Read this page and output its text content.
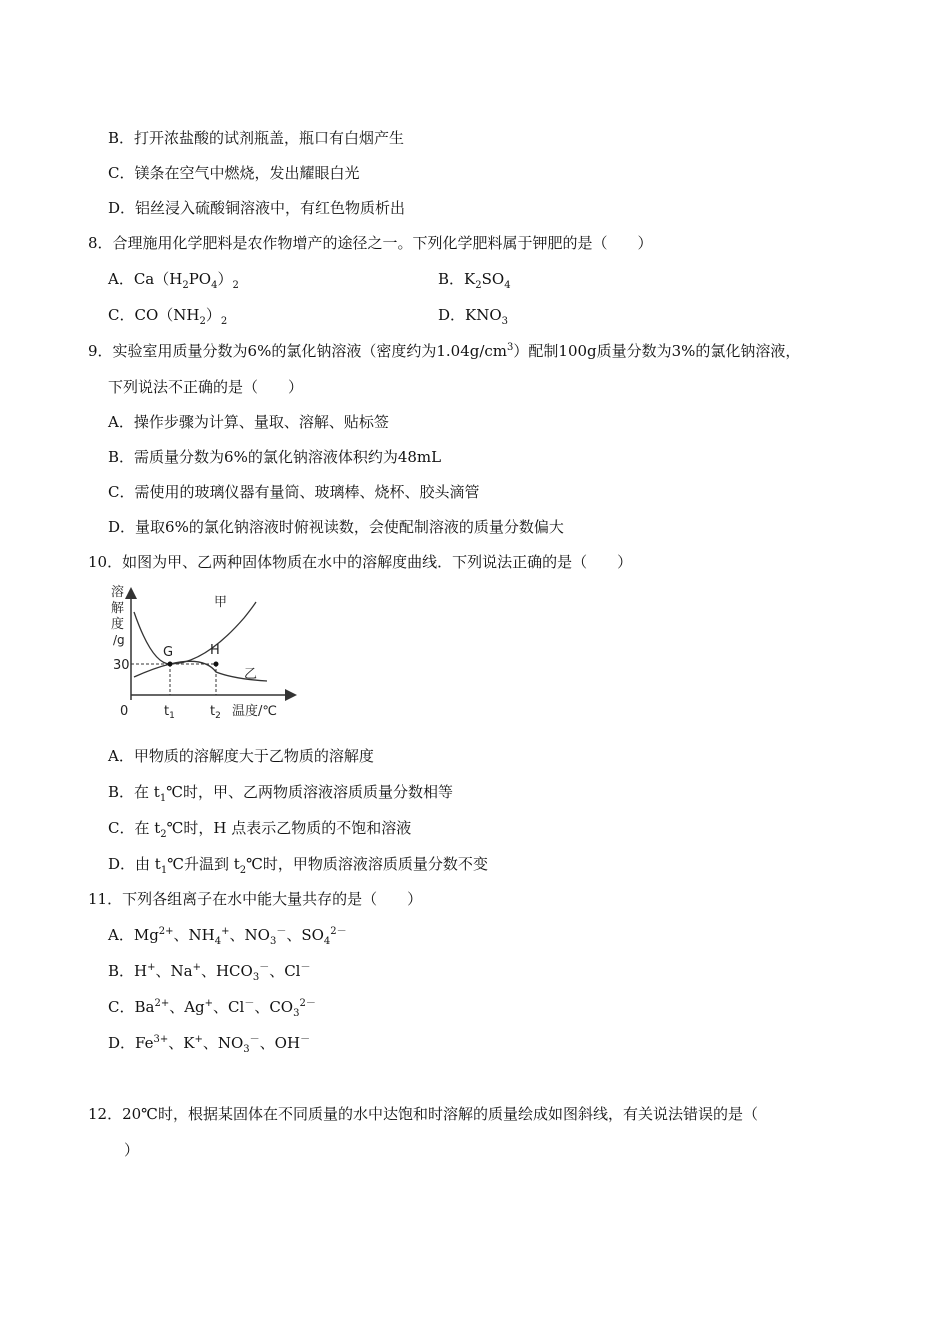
B．打开浓盐酸的试剂瓶盖，瓶口有白烟产生
C．镁条在空气中燃烧，发出耀眼白光
D．铝丝浸入硫酸铜溶液中，有红色物质析出
8．合理施用化学肥料是农作物增产的途径之一。下列化学肥料属于钾肥的是（　　）
A．$Ca(H_2PO_4)_2$	B．$K_2SO_4$
C．$CO(NH_2)_2$	D．$KNO_3$
9．实验室用质量分数为6%的氯化钠溶液（密度约为$1.04g/cm^3$）配制100g质量分数为3%的氯化钠溶液，
下列说法不正确的是（　　）
A．操作步骤为计算、量取、溶解、贴标签
B．需质量分数为6%的氯化钠溶液体积约为48mL
C．需使用的玻璃仪器有量筒、玻璃棒、烧杯、胶头滴管
D．量取6%的氯化钠溶液时俯视读数，会使配制溶液的质量分数偏大
10．如图为甲、乙两种固体物质在水中的溶解度曲线．下列说法正确的是（　　）
溶
解
度
/g
30
0
G	H
甲
乙
$t_1$	$t_2$ 温度/℃
A．甲物质的溶解度大于乙物质的溶解度
B．在 $t_1℃$时，甲、乙两物质溶液溶质质量分数相等
C．在 $t_2℃$时，H 点表示乙物质的不饱和溶液
D．由 $t_1℃$升温到 $t_2℃$时，甲物质溶液溶质质量分数不变
11．下列各组离子在水中能大量共存的是（　　）
A．$Mg^{2+}$、$NH_4^+$、$NO_3^-$、$SO_4^{2-}$
B．H+、Na+、$HCO_3^-$、Cl－
C．$Ba^{2+}$、Ag+、Cl－、$CO_3^{2-}$
D．$Fe^{3+}$、K+、$NO_3^-$、OH－
12．20℃时，根据某固体在不同质量的水中达饱和时溶解的质量绘成如图斜线，有关说法错误的是（
）
